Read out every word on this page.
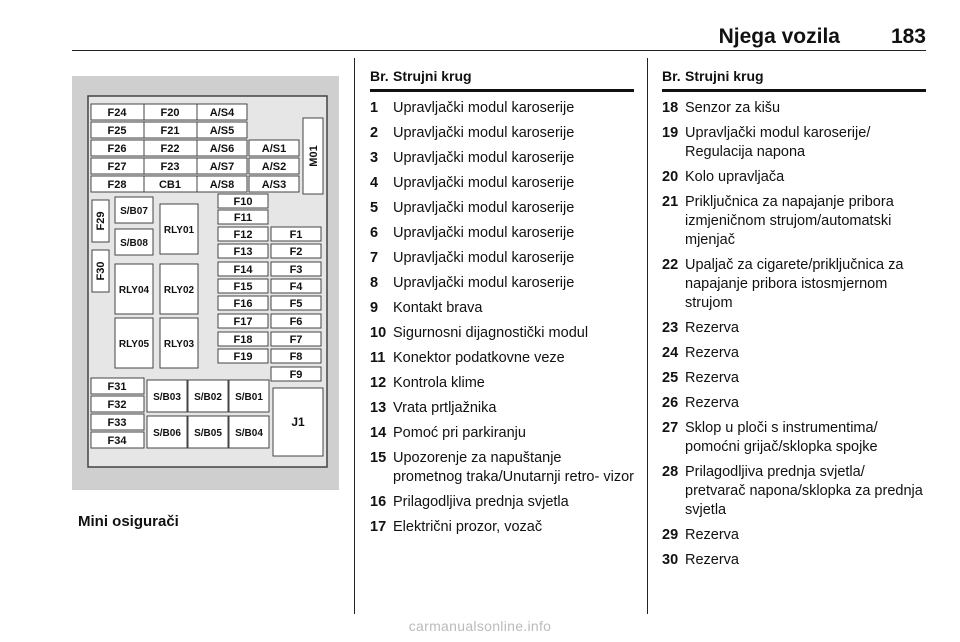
Njega vozila 183
F24	F20	A/S4
F25	F21	A/S5
F26	F22	A/S6	A/S1
F27	F23	A/S7	A/S2
F28	CB1	A/S8	A/S3
M01
F29
F30
S/B07
S/B08
RLY01
RLY04 RLY02
RLY05 RLY03
F10
F11
F12	F1
F13	F2
F14	F3
F15	F4
F16	F5
F17	F6
F18	F7
F19	F8
F9
F31
F32
F33
F34
S/B03 S/B02 S/B01
S/B06 S/B05 S/B04
J1
Mini osigurači
Br. Strujni krug
1	Upravljački modul karoserije
2	Upravljački modul karoserije
3	Upravljački modul karoserije
4	Upravljački modul karoserije
5	Upravljački modul karoserije
6	Upravljački modul karoserije
7	Upravljački modul karoserije
8	Upravljački modul karoserije
9	Kontakt brava
10 Sigurnosni dijagnostički modul
11 Konektor podatkovne veze
12 Kontrola klime
13 Vrata prtljažnika
14 Pomoć pri parkiranju
15 Upozorenje za napuštanje prometnog traka/Unutarnji retro- vizor
16 Prilagodljiva prednja svjetla
17 Električni prozor, vozač
Br. Strujni krug
18 Senzor za kišu
19 Upravljački modul karoserije/ Regulacija napona
20 Kolo upravljača
21 Priključnica za napajanje pribora izmjeničnom strujom/automatski mjenjač
22 Upaljač za cigarete/priključnica za napajanje pribora istosmjernom strujom
23 Rezerva
24 Rezerva
25 Rezerva
26 Rezerva
27 Sklop u ploči s instrumentima/ pomoćni grijač/sklopka spojke
28 Prilagodljiva prednja svjetla/ pretvarač napona/sklopka za prednja svjetla
29 Rezerva
30 Rezerva
carmanualsonline.info
